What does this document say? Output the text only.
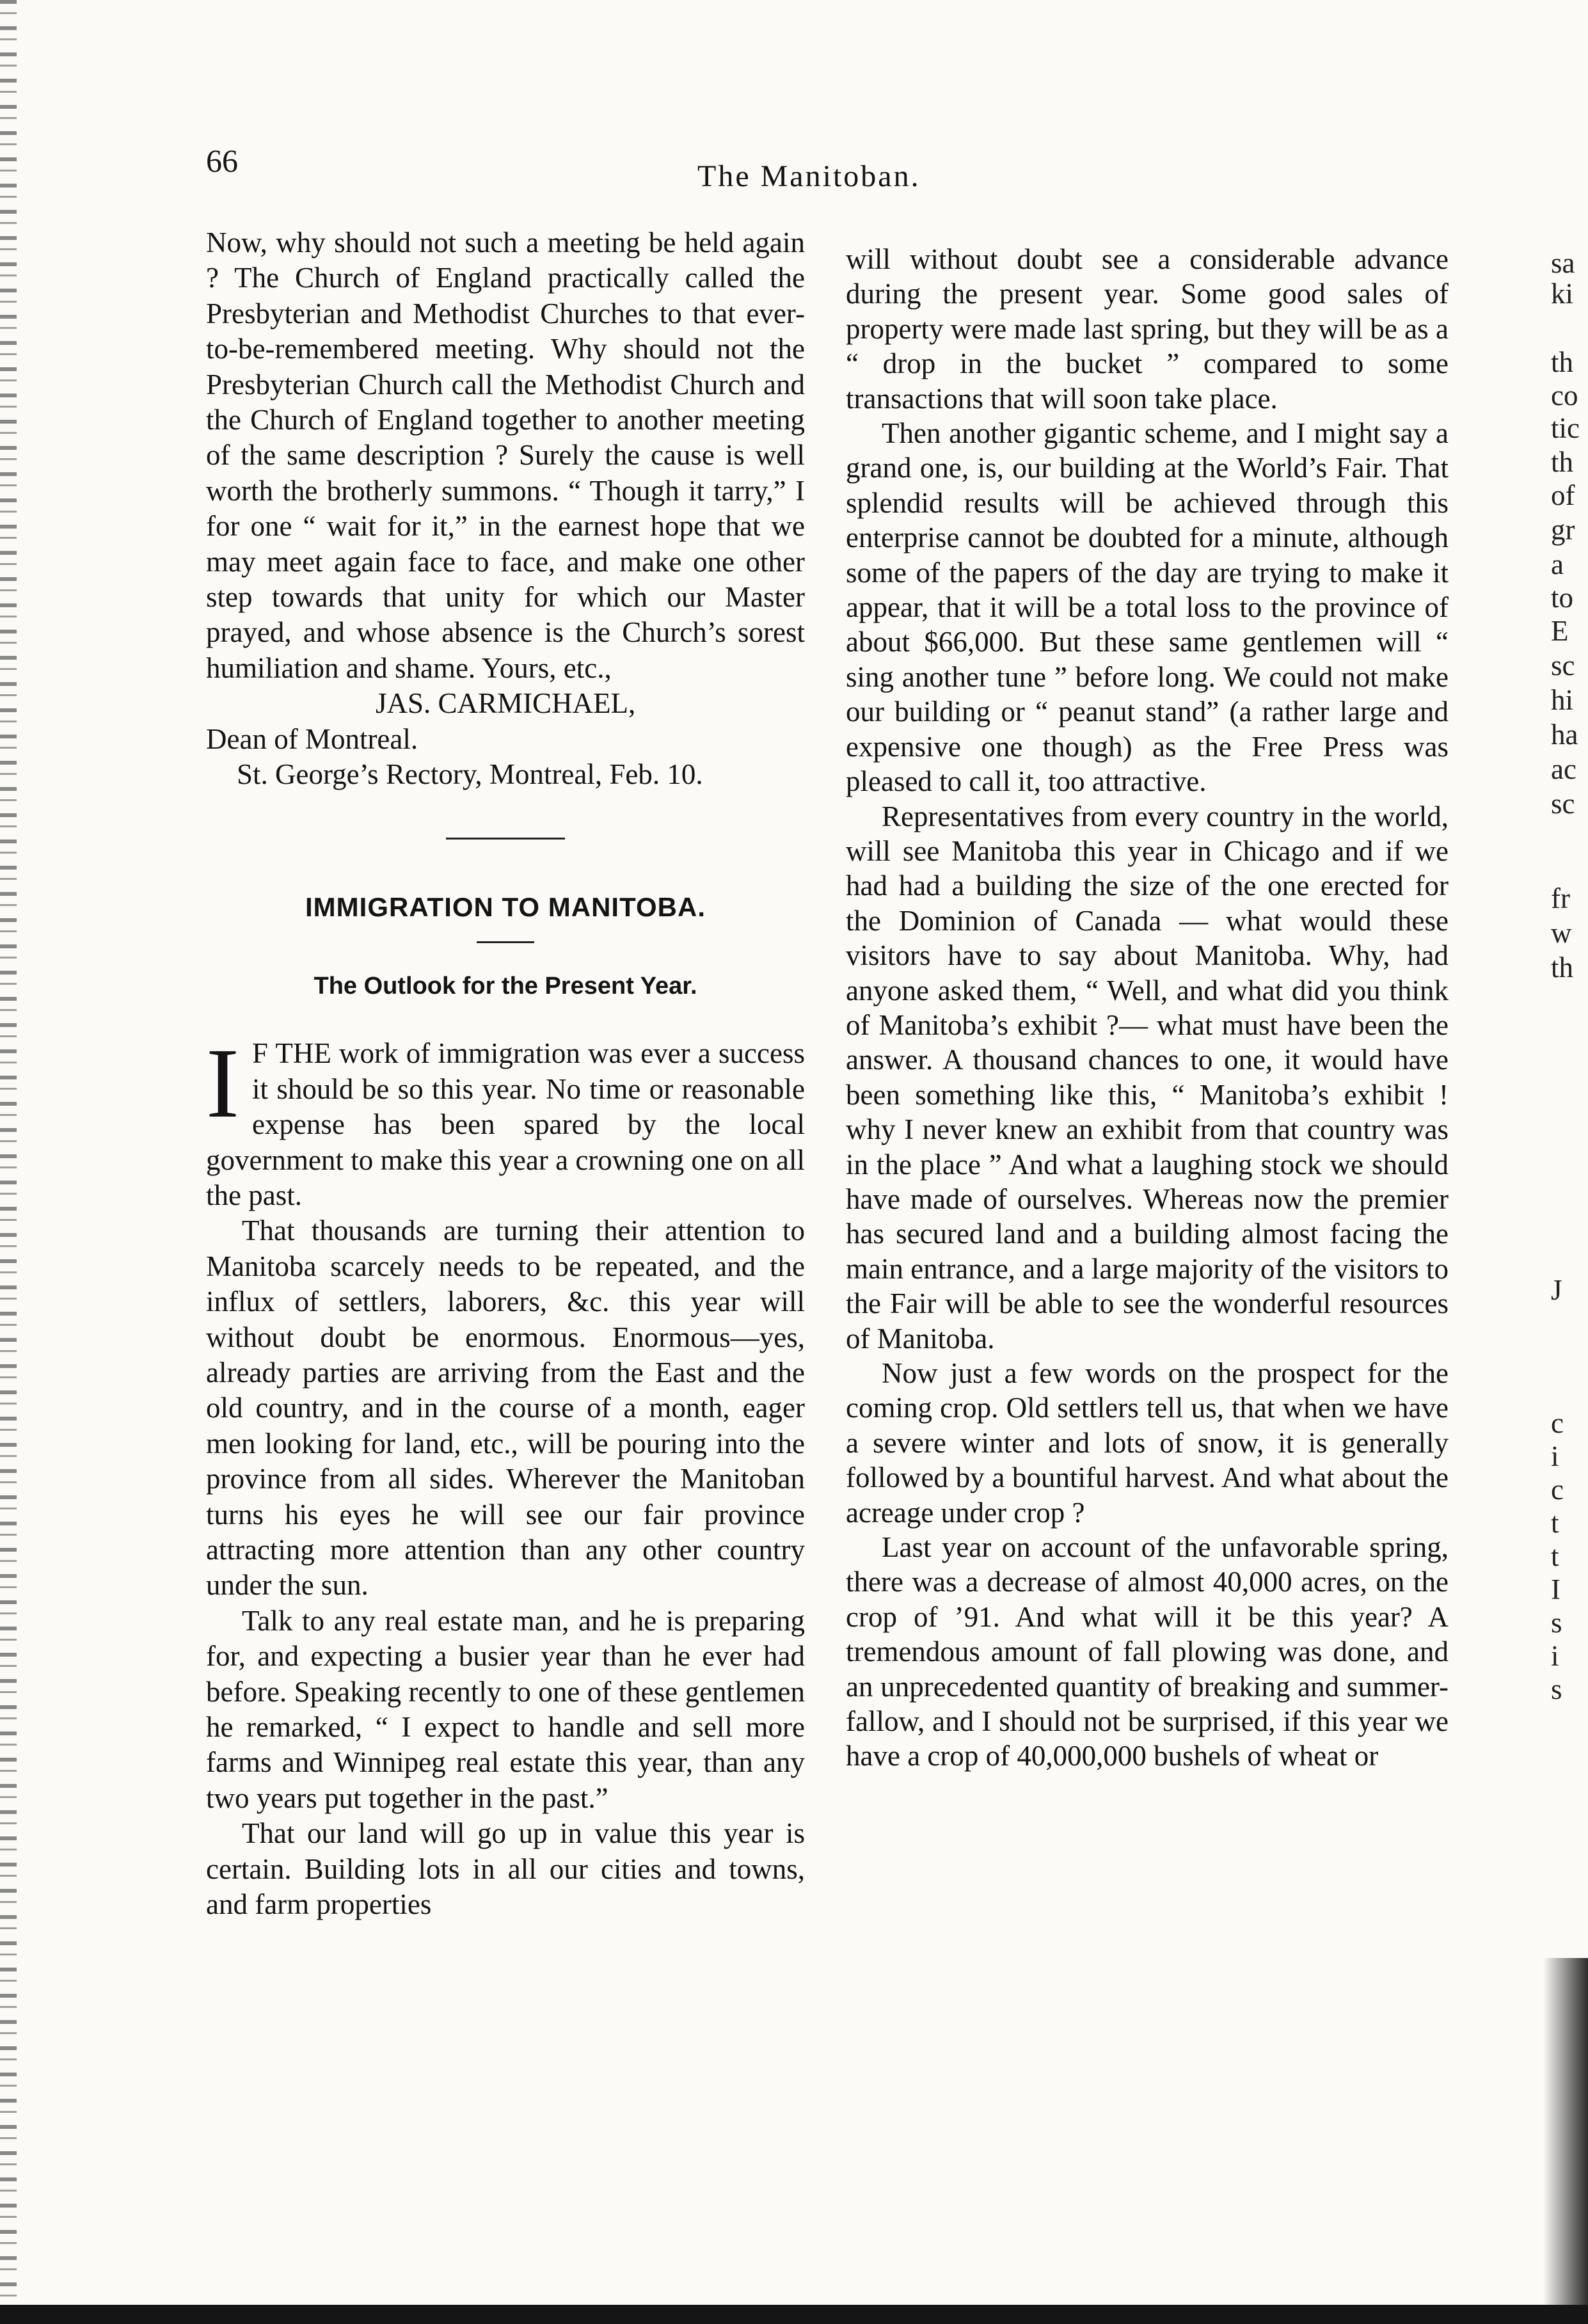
66	The Manitoban.

Now, why should not such a meeting be held again ? The Church of England practically called the Presbyterian and Methodist Churches to that ever-to-be-remembered meeting. Why should not the Presbyterian Church call the Methodist Church and the Church of England together to another meeting of the same description ? Surely the cause is well worth the brotherly summons. “ Though it tarry,” I for one “ wait for it,” in the earnest hope that we may meet again face to face, and make one other step towards that unity for which our Master prayed, and whose absence is the Church’s sorest humiliation and shame. Yours, etc.,

JAS. CARMICHAEL,

Dean of Montreal.

St. George’s Rectory, Montreal, Feb. 10.

IMMIGRATION TO MANITOBA.
The Outlook for the Present Year.

I F THE work of immigration was ever a success it should be so this year. No time or reasonable expense has been spared by the local government to make this year a crowning one on all the past.

That thousands are turning their attention to Manitoba scarcely needs to be repeated, and the influx of settlers, laborers, &c. this year will without doubt be enormous. Enormous—yes, already parties are arriving from the East and the old country, and in the course of a month, eager men looking for land, etc., will be pouring into the province from all sides. Wherever the Manitoban turns his eyes he will see our fair province attracting more attention than any other country under the sun.

Talk to any real estate man, and he is preparing for, and expecting a busier year than he ever had before. Speaking recently to one of these gentlemen he remarked, “ I expect to handle and sell more farms and Winnipeg real estate this year, than any two years put together in the past.”

That our land will go up in value this year is certain. Building lots in all our cities and towns, and farm properties

will without doubt see a considerable advance during the present year. Some good sales of property were made last spring, but they will be as a “ drop in the bucket ” compared to some transactions that will soon take place.

Then another gigantic scheme, and I might say a grand one, is, our building at the World’s Fair. That splendid results will be achieved through this enterprise cannot be doubted for a minute, although some of the papers of the day are trying to make it appear, that it will be a total loss to the province of about $66,000. But these same gentlemen will “ sing another tune ” before long. We could not make our building or “ peanut stand” (a rather large and expensive one though) as the Free Press was pleased to call it, too attractive.

Representatives from every country in the world, will see Manitoba this year in Chicago and if we had had a building the size of the one erected for the Dominion of Canada — what would these visitors have to say about Manitoba. Why, had anyone asked them, “ Well, and what did you think of Manitoba’s exhibit ?— what must have been the answer. A thousand chances to one, it would have been something like this, “ Manitoba’s exhibit ! why I never knew an exhibit from that country was in the place ” And what a laughing stock we should have made of ourselves. Whereas now the premier has secured land and a building almost facing the main entrance, and a large majority of the visitors to the Fair will be able to see the wonderful resources of Manitoba.

Now just a few words on the prospect for the coming crop. Old settlers tell us, that when we have a severe winter and lots of snow, it is generally followed by a bountiful harvest. And what about the acreage under crop ?

Last year on account of the unfavorable spring, there was a decrease of almost 40,000 acres, on the crop of ’91. And what will it be this year? A tremendous amount of fall plowing was done, and an unprecedented quantity of breaking and summer-fallow, and I should not be surprised, if this year we have a crop of 40,000,000 bushels of wheat or

sa
ki
th
co
tic
th
of
gr
a
to
E
sc
hi
ha
ac
sc
fr
w
th
J
c
i
c
t
t
I
s
i
s
